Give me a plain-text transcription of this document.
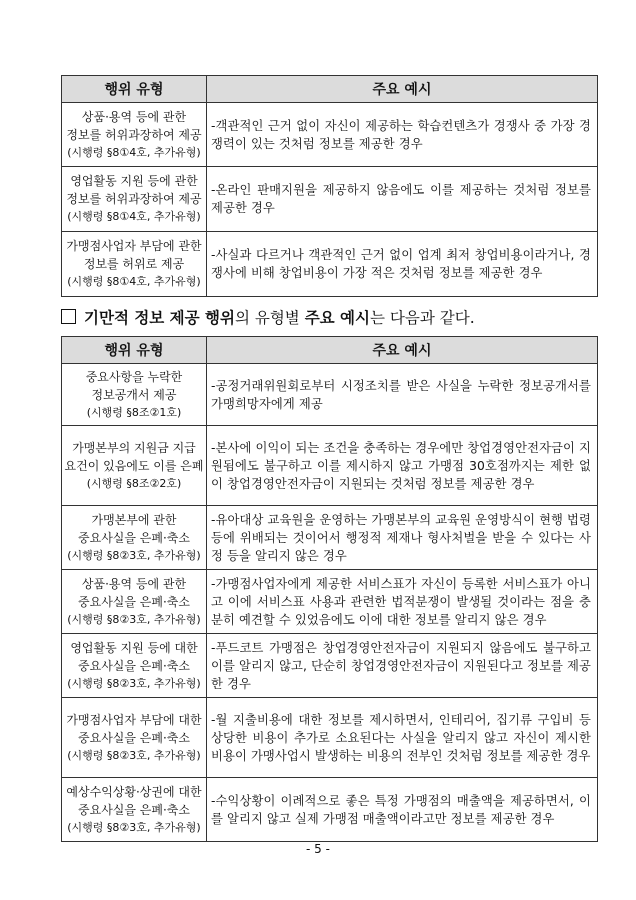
행위 유형	주요 예시
상품·용역 등에 관한
정보를 허위과장하여 제공
(시행령 §8①4호, 추가유형)	-객관적인 근거 없이 자신이 제공하는 학습컨텐츠가 경쟁사 중 가장 경쟁력이 있는 것처럼 정보를 제공한 경우
영업활동 지원 등에 관한
정보를 허위과장하여 제공
(시행령 §8①4호, 추가유형)	-온라인 판매지원을 제공하지 않음에도 이를 제공하는 것처럼 정보를 제공한 경우
가맹점사업자 부담에 관한
정보를 허위로 제공
(시행령 §8①4호, 추가유형)	-사실과 다르거나 객관적인 근거 없이 업계 최저 창업비용이라거나, 경쟁사에 비해 창업비용이 가장 적은 것처럼 정보를 제공한 경우
기만적 정보 제공 행위의 유형별 주요 예시는 다음과 같다.
행위 유형	주요 예시
중요사항을 누락한
정보공개서 제공
(시행령 §8조②1호)	-공정거래위원회로부터 시정조치를 받은 사실을 누락한 정보공개서를 가맹희망자에게 제공
가맹본부의 지원금 지급
요건이 있음에도 이를 은폐
(시행령 §8조②2호)	-본사에 이익이 되는 조건을 충족하는 경우에만 창업경영안전자금이 지원됨에도 불구하고 이를 제시하지 않고 가맹점 30호점까지는 제한 없이 창업경영안전자금이 지원되는 것처럼 정보를 제공한 경우
가맹본부에 관한
중요사실을 은폐·축소
(시행령 §8②3호, 추가유형)	-유아대상 교육원을 운영하는 가맹본부의 교육원 운영방식이 현행 법령 등에 위배되는 것이어서 행정적 제재나 형사처벌을 받을 수 있다는 사정 등을 알리지 않은 경우
상품·용역 등에 관한
중요사실을 은폐·축소
(시행령 §8②3호, 추가유형)	-가맹점사업자에게 제공한 서비스표가 자신이 등록한 서비스표가 아니고 이에 서비스표 사용과 관련한 법적분쟁이 발생될 것이라는 점을 충분히 예견할 수 있었음에도 이에 대한 정보를 알리지 않은 경우
영업활동 지원 등에 대한
중요사실을 은폐·축소
(시행령 §8②3호, 추가유형)	-푸드코트 가맹점은 창업경영안전자금이 지원되지 않음에도 불구하고 이를 알리지 않고, 단순히 창업경영안전자금이 지원된다고 정보를 제공한 경우
가맹점사업자 부담에 대한
중요사실을 은폐·축소
(시행령 §8②3호, 추가유형)	-월 지출비용에 대한 정보를 제시하면서, 인테리어, 집기류 구입비 등 상당한 비용이 추가로 소요된다는 사실을 알리지 않고 자신이 제시한 비용이 가맹사업시 발생하는 비용의 전부인 것처럼 정보를 제공한 경우
예상수익상황·상권에 대한
중요사실을 은폐·축소
(시행령 §8②3호, 추가유형)	-수익상황이 이례적으로 좋은 특정 가맹점의 매출액을 제공하면서, 이를 알리지 않고 실제 가맹점 매출액이라고만 정보를 제공한 경우
- 5 -
